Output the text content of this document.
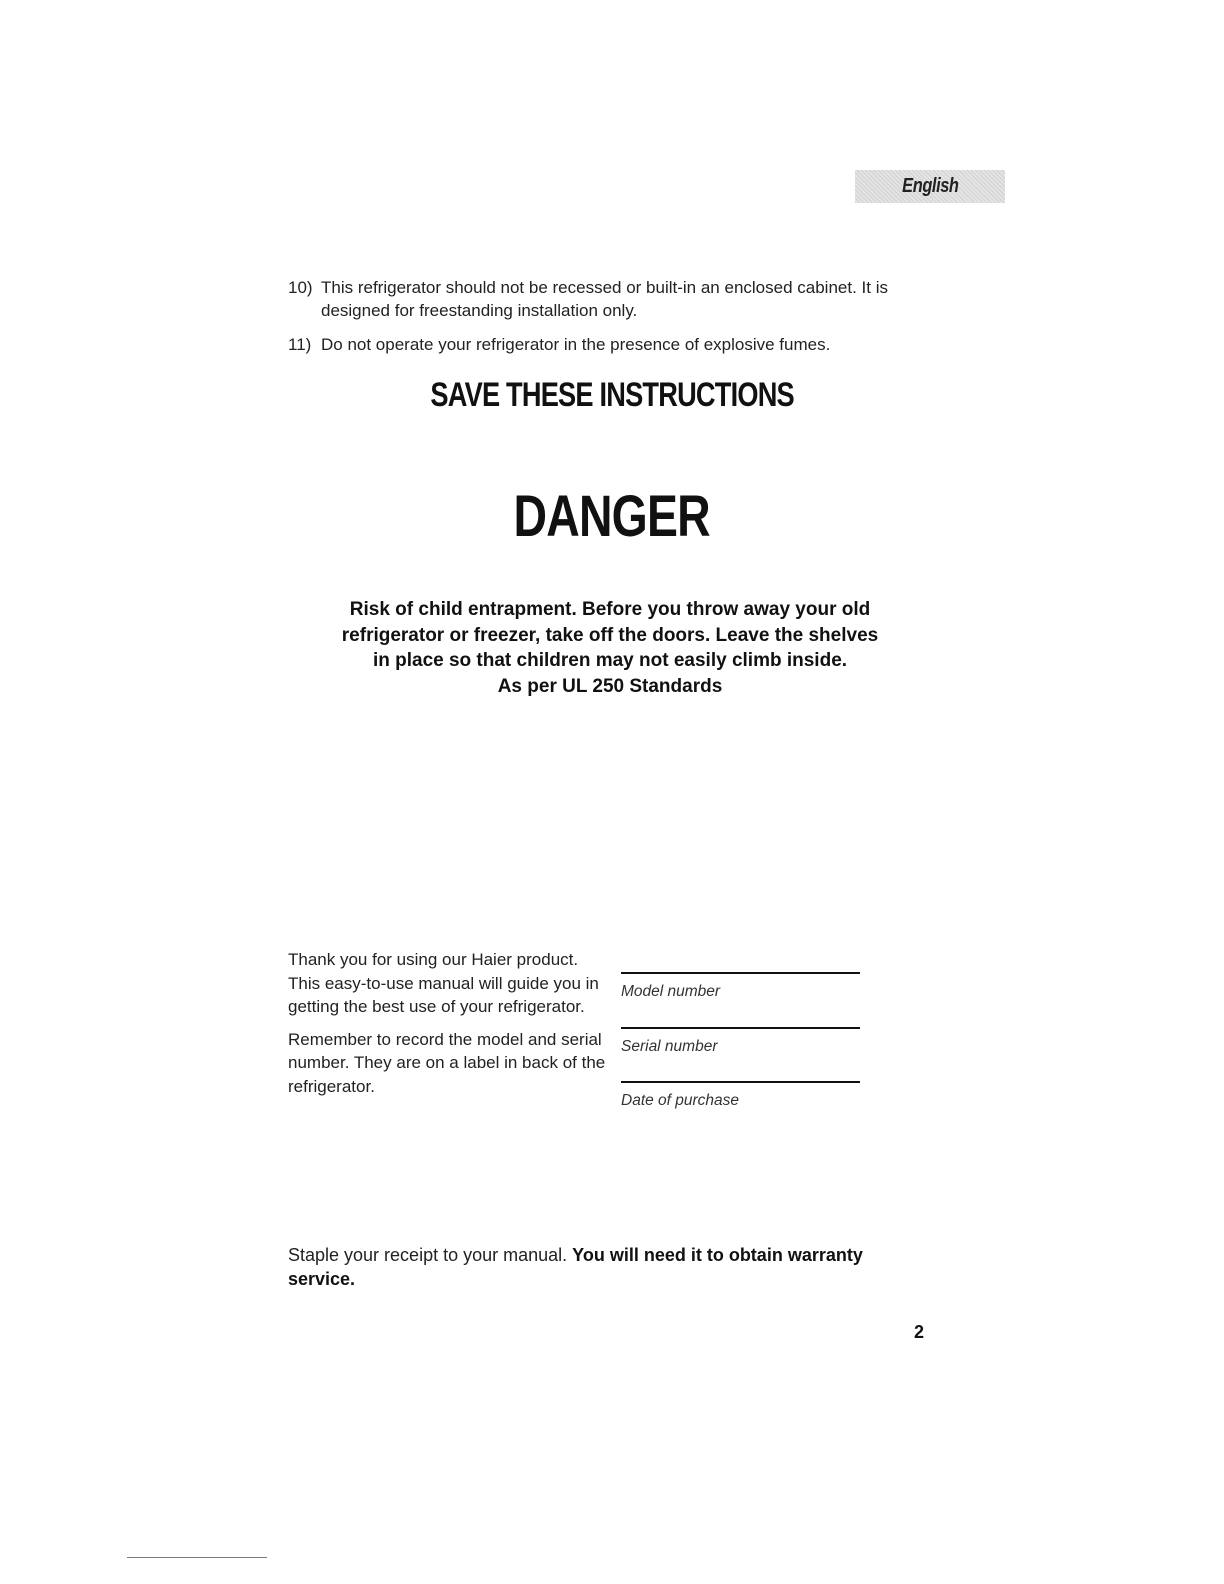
English
10) This refrigerator should not be recessed or built-in an enclosed cabinet. It is designed for freestanding installation only.
11) Do not operate your refrigerator in the presence of explosive fumes.
SAVE THESE INSTRUCTIONS
DANGER
Risk of child entrapment. Before you throw away your old
refrigerator or freezer, take off the doors. Leave the shelves
in place so that children may not easily climb inside.
As per UL 250 Standards

Thank you for using our Haier product. This easy-to-use manual will guide you in getting the best use of your refrigerator.

Remember to record the model and serial number. They are on a label in back of the refrigerator.

Model number
Serial number
Date of purchase
Staple your receipt to your manual. You will need it to obtain warranty service.
2
